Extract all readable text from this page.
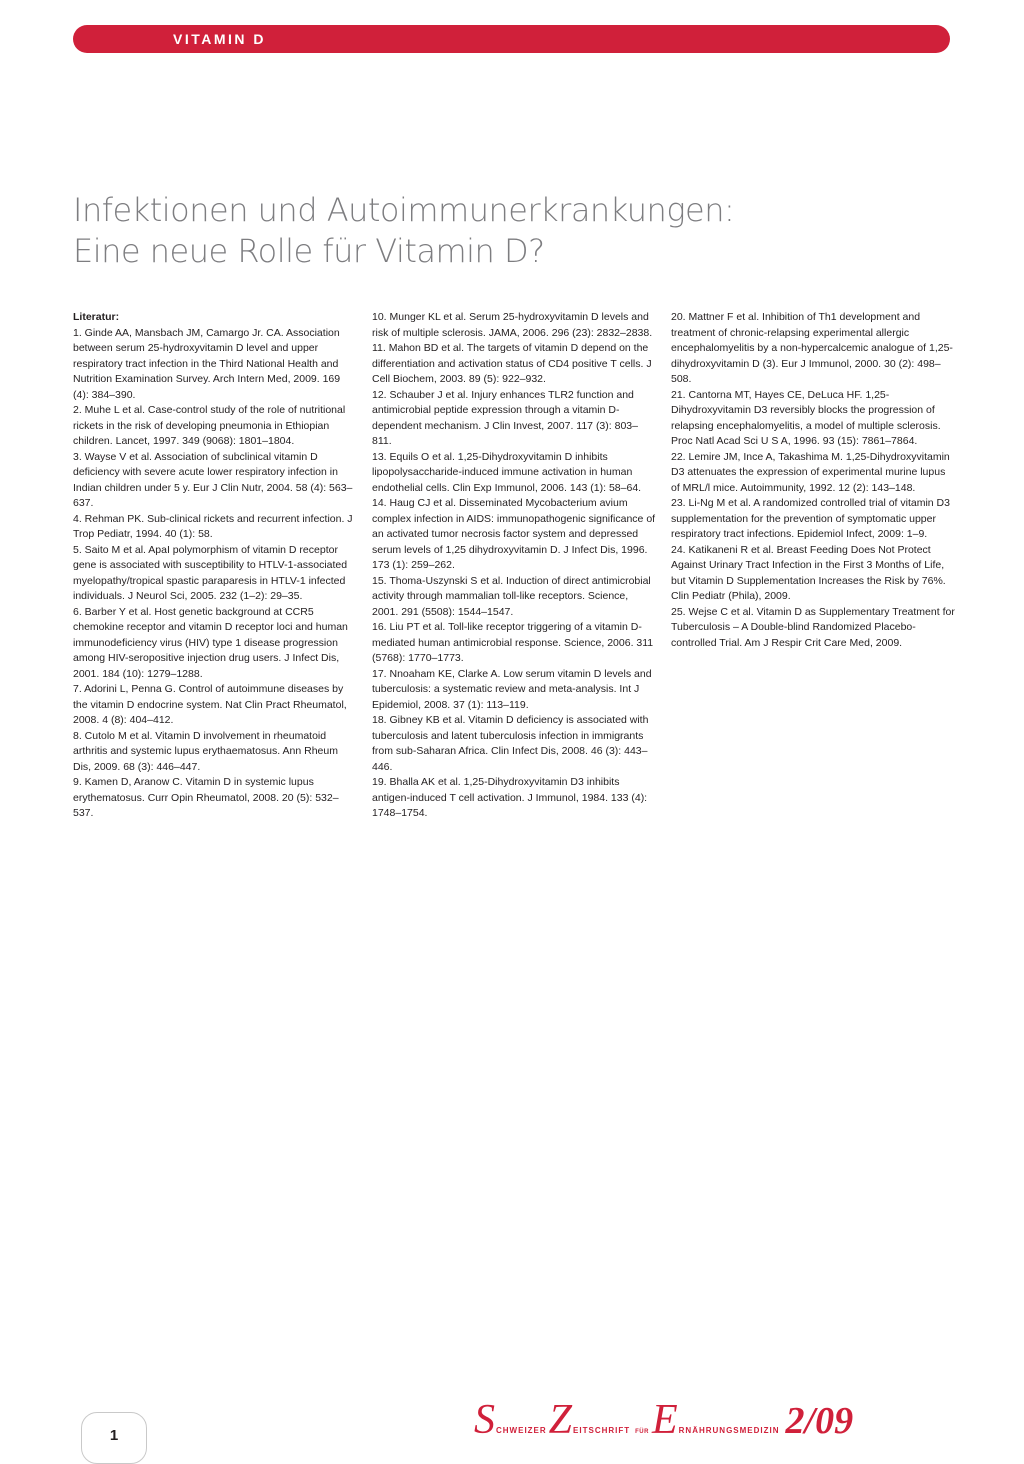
VITAMIN D
Infektionen und Autoimmunerkrankungen:
Eine neue Rolle für Vitamin D?
Literatur:
1. Ginde AA, Mansbach JM, Camargo Jr. CA. Association between serum 25-hydroxyvitamin D level and upper respiratory tract infection in the Third National Health and Nutrition Examination Survey. Arch Intern Med, 2009. 169 (4): 384–390.
2. Muhe L et al. Case-control study of the role of nutritional rickets in the risk of developing pneumonia in Ethiopian children. Lancet, 1997. 349 (9068): 1801–1804.
3. Wayse V et al. Association of subclinical vitamin D deficiency with severe acute lower respiratory infection in Indian children under 5 y. Eur J Clin Nutr, 2004. 58 (4): 563–637.
4. Rehman PK. Sub-clinical rickets and recurrent infection. J Trop Pediatr, 1994. 40 (1): 58.
5. Saito M et al. ApaI polymorphism of vitamin D receptor gene is associated with susceptibility to HTLV-1-associated myelopathy/tropical spastic paraparesis in HTLV-1 infected individuals. J Neurol Sci, 2005. 232 (1–2): 29–35.
6. Barber Y et al. Host genetic background at CCR5 chemokine receptor and vitamin D receptor loci and human immunodeficiency virus (HIV) type 1 disease progression among HIV-seropositive injection drug users. J Infect Dis, 2001. 184 (10): 1279–1288.
7. Adorini L, Penna G. Control of autoimmune diseases by the vitamin D endocrine system. Nat Clin Pract Rheumatol, 2008. 4 (8): 404–412.
8. Cutolo M et al. Vitamin D involvement in rheumatoid arthritis and systemic lupus erythaematosus. Ann Rheum Dis, 2009. 68 (3): 446–447.
9. Kamen D, Aranow C. Vitamin D in systemic lupus erythematosus. Curr Opin Rheumatol, 2008. 20 (5): 532–537.
10. Munger KL et al. Serum 25-hydroxyvitamin D levels and risk of multiple sclerosis. JAMA, 2006. 296 (23): 2832–2838.
11. Mahon BD et al. The targets of vitamin D depend on the differentiation and activation status of CD4 positive T cells. J Cell Biochem, 2003. 89 (5): 922–932.
12. Schauber J et al. Injury enhances TLR2 function and antimicrobial peptide expression through a vitamin D-dependent mechanism. J Clin Invest, 2007. 117 (3): 803–811.
13. Equils O et al. 1,25-Dihydroxyvitamin D inhibits lipopolysaccharide-induced immune activation in human endothelial cells. Clin Exp Immunol, 2006. 143 (1): 58–64.
14. Haug CJ et al. Disseminated Mycobacterium avium complex infection in AIDS: immunopathogenic significance of an activated tumor necrosis factor system and depressed serum levels of 1,25 dihydroxyvitamin D. J Infect Dis, 1996. 173 (1): 259–262.
15. Thoma-Uszynski S et al. Induction of direct antimicrobial activity through mammalian toll-like receptors. Science, 2001. 291 (5508): 1544–1547.
16. Liu PT et al. Toll-like receptor triggering of a vitamin D-mediated human antimicrobial response. Science, 2006. 311 (5768): 1770–1773.
17. Nnoaham KE, Clarke A. Low serum vitamin D levels and tuberculosis: a systematic review and meta-analysis. Int J Epidemiol, 2008. 37 (1): 113–119.
18. Gibney KB et al. Vitamin D deficiency is associated with tuberculosis and latent tuberculosis infection in immigrants from sub-Saharan Africa. Clin Infect Dis, 2008. 46 (3): 443–446.
19. Bhalla AK et al. 1,25-Dihydroxyvitamin D3 inhibits antigen-induced T cell activation. J Immunol, 1984. 133 (4): 1748–1754.
20. Mattner F et al. Inhibition of Th1 development and treatment of chronic-relapsing experimental allergic encephalomyelitis by a non-hypercalcemic analogue of 1,25-dihydroxyvitamin D (3). Eur J Immunol, 2000. 30 (2): 498–508.
21. Cantorna MT, Hayes CE, DeLuca HF. 1,25-Dihydroxyvitamin D3 reversibly blocks the progression of relapsing encephalomyelitis, a model of multiple sclerosis. Proc Natl Acad Sci U S A, 1996. 93 (15): 7861–7864.
22. Lemire JM, Ince A, Takashima M. 1,25-Dihydroxyvitamin D3 attenuates the expression of experimental murine lupus of MRL/l mice. Autoimmunity, 1992. 12 (2): 143–148.
23. Li-Ng M et al. A randomized controlled trial of vitamin D3 supplementation for the prevention of symptomatic upper respiratory tract infections. Epidemiol Infect, 2009: 1–9.
24. Katikaneni R et al. Breast Feeding Does Not Protect Against Urinary Tract Infection in the First 3 Months of Life, but Vitamin D Supplementation Increases the Risk by 76%. Clin Pediatr (Phila), 2009.
25. Wejse C et al. Vitamin D as Supplementary Treatment for Tuberculosis – A Double-blind Randomized Placebo-controlled Trial. Am J Respir Crit Care Med, 2009.
1	S CHWEIZER Z EITSCHRIFT FÜR E RNÄHRUNGSMEDIZIN 2/09
